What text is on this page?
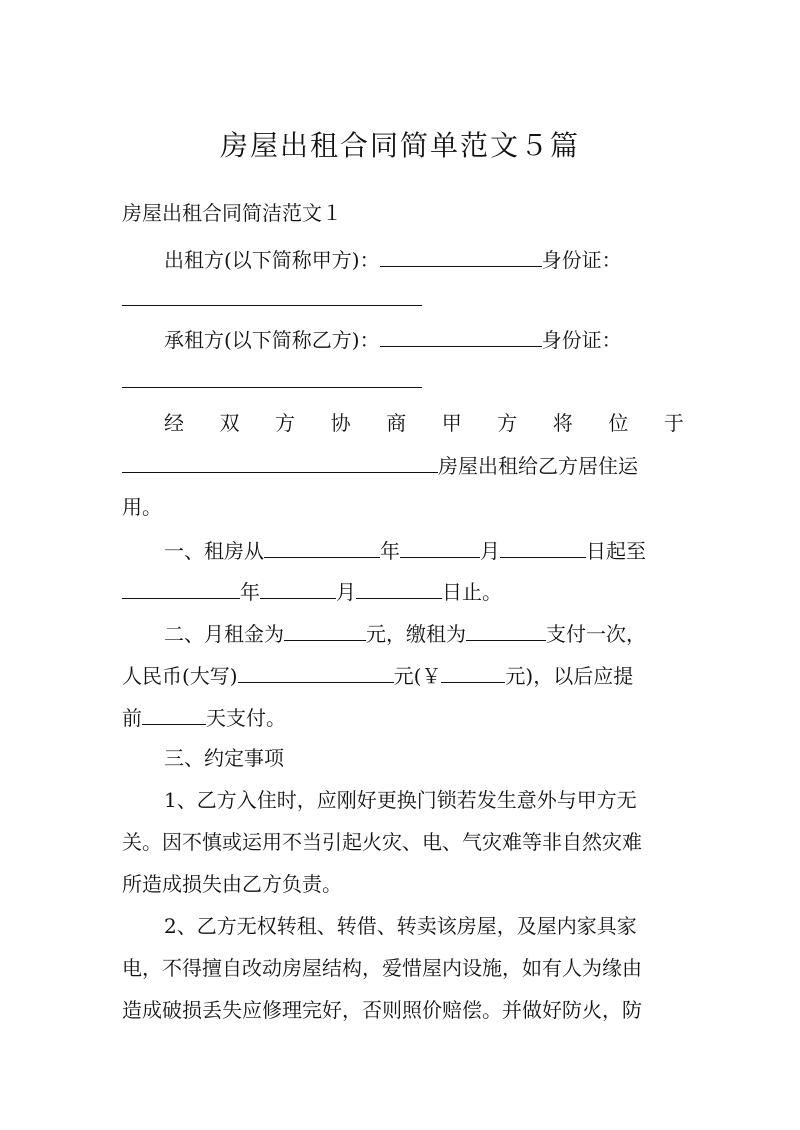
房屋出租合同简单范文５篇
房屋出租合同简洁范文１
出租方(以下简称甲方)：	身份证：
承租方(以下简称乙方)：	身份证：
经 双 方 协 商 甲 方 将 位 于
房屋出租给乙方居住运
用。
一、租房从	年	月	日起至
年	月	日止。
二、月租金为	元，缴租为	支付一次，
人民币(大写)	元(￥	元)，以后应提
前	天支付。
三、约定事项
1、乙方入住时，应刚好更换门锁若发生意外与甲方无
关。因不慎或运用不当引起火灾、电、气灾难等非自然灾难
所造成损失由乙方负责。
2、乙方无权转租、转借、转卖该房屋，及屋内家具家
电，不得擅自改动房屋结构，爱惜屋内设施，如有人为缘由
造成破损丢失应修理完好，否则照价赔偿。并做好防火，防
